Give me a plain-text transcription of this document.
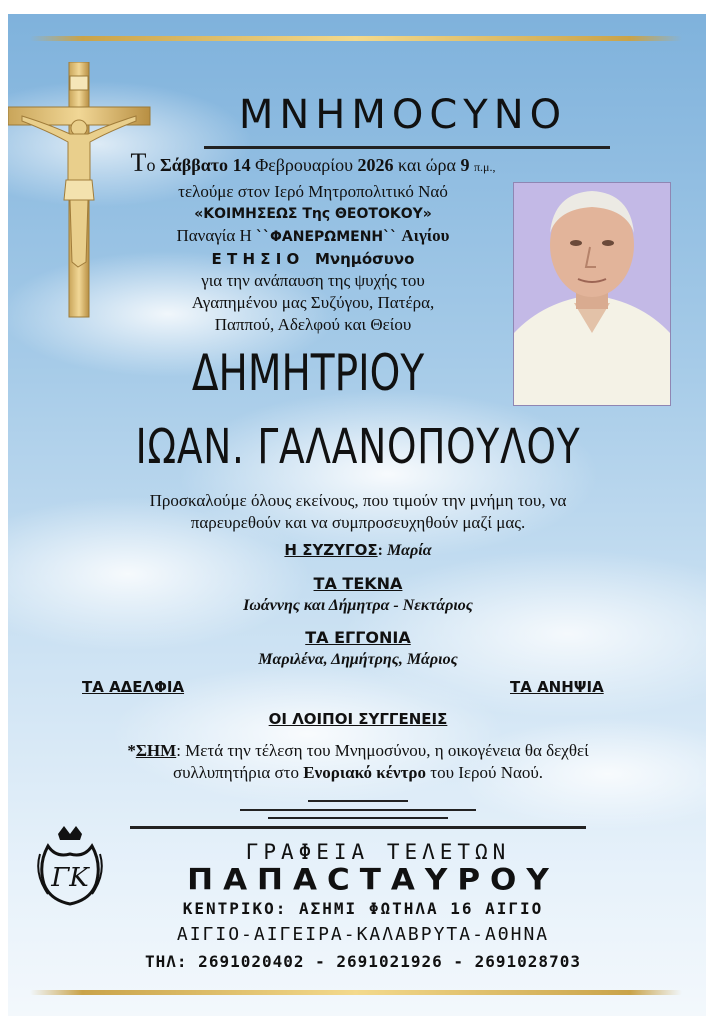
ΜΝΗΜΟCΥΝΟ
Το Σάββατο 14 Φεβρουαρίου 2026 και ώρα 9 π.μ.,
τελούμε στον Ιερό Μητροπολιτικό Ναό
«ΚΟΙΜΗΣΕΩΣ Της ΘΕΟΤΟΚΟΥ»
Παναγία Η ``ΦΑΝΕΡΩΜΕΝΗ`` Αιγίου
Ε Τ Η Σ Ι Ο Μνημόσυνο
για την ανάπαυση της ψυχής του
Αγαπημένου μας Συζύγου, Πατέρα,
Παππού, Αδελφού και Θείου
ΔΗΜΗΤΡΙΟΥ
ΙΩΑΝ. ΓΑΛΑΝΟΠΟΥΛΟΥ
Προσκαλούμε όλους εκείνους, που τιμούν την μνήμη του, να
παρευρεθούν και να συμπροσευχηθούν μαζί μας.
Η ΣΥΖΥΓΟΣ: Μαρία
ΤΑ ΤΕΚΝΑ
Ιωάννης και Δήμητρα - Νεκτάριος
ΤΑ ΕΓΓΟΝΙΑ
Μαριλένα, Δημήτρης, Μάριος
ΤΑ ΑΔΕΛΦΙΑ	ΤΑ ΑΝΗΨΙΑ
ΟΙ ΛΟΙΠΟΙ ΣΥΓΓΕΝΕΙΣ
*ΣΗΜ: Μετά την τέλεση του Μνημοσύνου, η οικογένεια θα δεχθεί
συλλυπητήρια στο Ενοριακό κέντρο του Ιερού Ναού.
ΓΚ
ΓΡΑΦΕΙΑ ΤΕΛΕΤΩΝ
ΠΑΠΑCΤΑΥΡΟΥ
ΚΕΝΤΡΙΚΟ: ΑΣΗΜΙ ΦΩΤΗΛΑ 16 ΑΙΓΙΟ
ΑΙΓΙΟ-ΑΙΓΕΙΡΑ-ΚΑΛΑΒΡΥΤΑ-ΑΘΗΝΑ
ΤΗΛ: 2691020402 - 2691021926 - 2691028703
